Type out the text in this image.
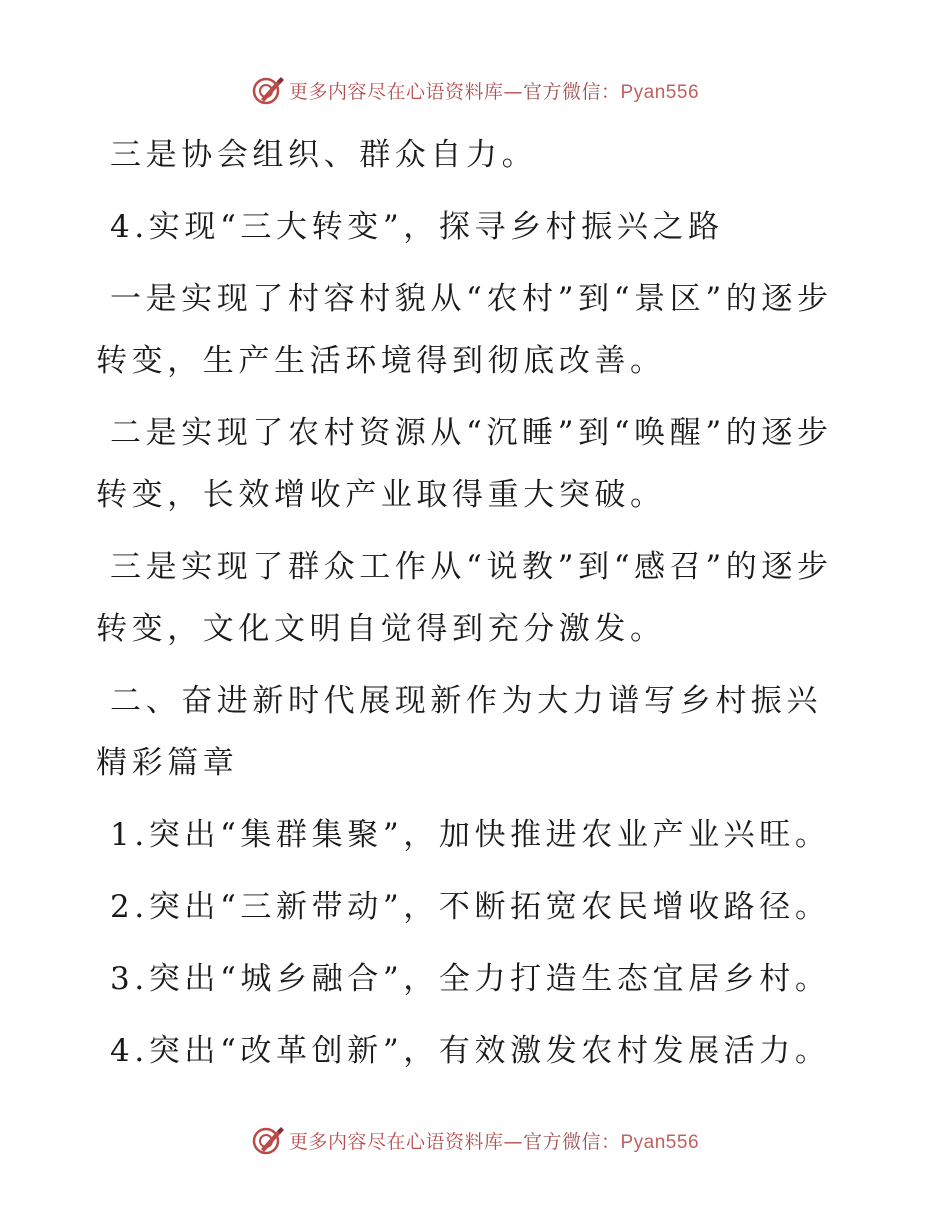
更多内容尽在心语资料库—官方微信：Pyan556

三是协会组织、群众自力。

4.实现“三大转变”，探寻乡村振兴之路

一是实现了村容村貌从“农村”到“景区”的逐步转变，生产生活环境得到彻底改善。

二是实现了农村资源从“沉睡”到“唤醒”的逐步转变，长效增收产业取得重大突破。

三是实现了群众工作从“说教”到“感召”的逐步转变，文化文明自觉得到充分激发。

二、奋进新时代展现新作为大力谱写乡村振兴精彩篇章

1.突出“集群集聚”，加快推进农业产业兴旺。

2.突出“三新带动”，不断拓宽农民增收路径。

3.突出“城乡融合”，全力打造生态宜居乡村。

4.突出“改革创新”，有效激发农村发展活力。

更多内容尽在心语资料库—官方微信：Pyan556
